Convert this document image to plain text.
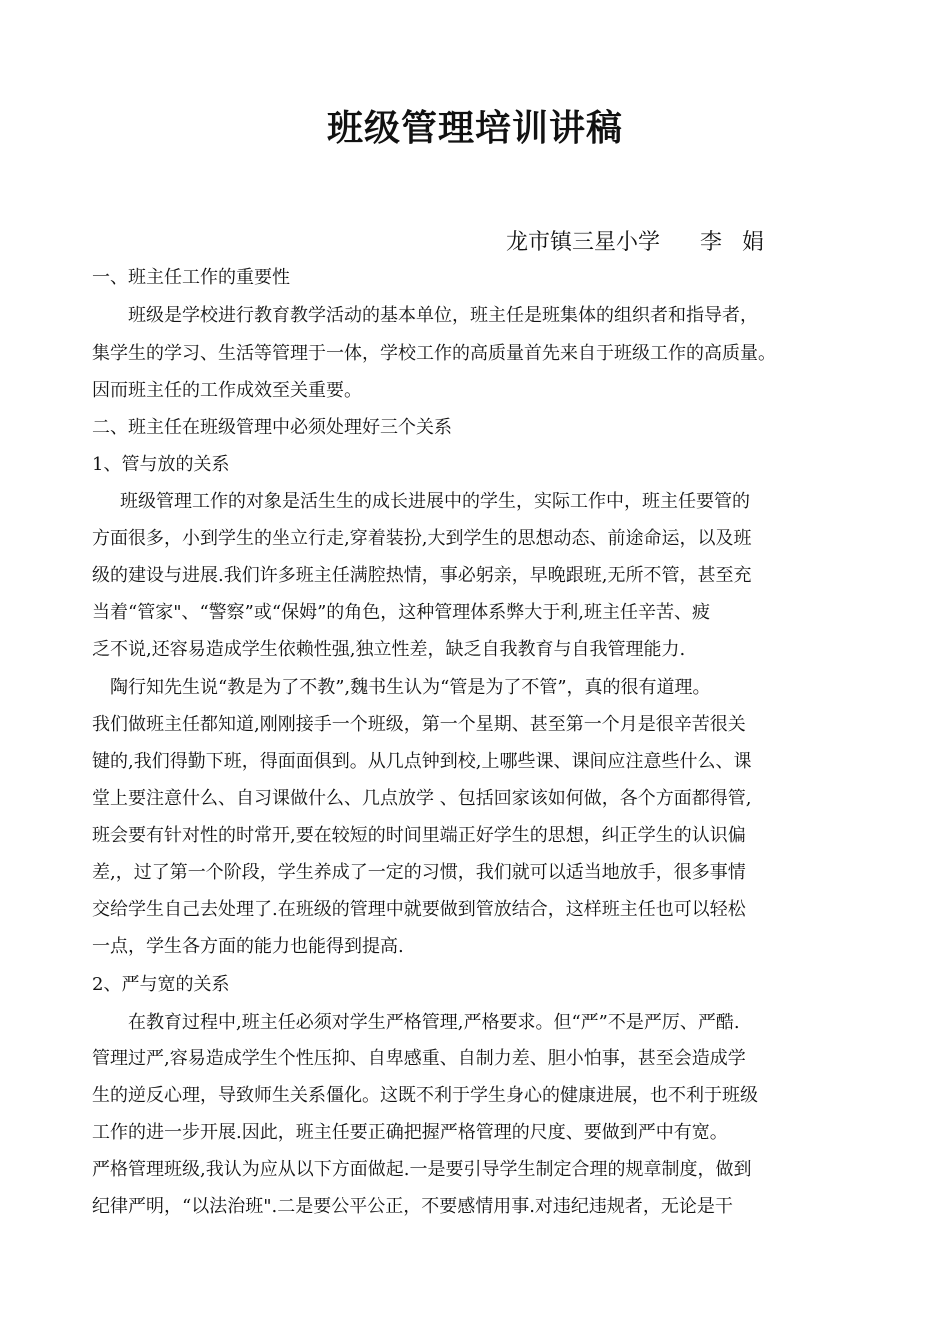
班级管理培训讲稿

龙市镇三星小学 李娟

一、班主任工作的重要性
班级是学校进行教育教学活动的基本单位，班主任是班集体的组织者和指导者，
集学生的学习、生活等管理于一体，学校工作的高质量首先来自于班级工作的高质量。
因而班主任的工作成效至关重要。
二、班主任在班级管理中必须处理好三个关系
1、管与放的关系
班级管理工作的对象是活生生的成长进展中的学生，实际工作中，班主任要管的
方面很多，小到学生的坐立行走,穿着装扮,大到学生的思想动态、前途命运，以及班
级的建设与进展.我们许多班主任满腔热情，事必躬亲，早晚跟班,无所不管，甚至充
当着“管家"、“警察”或“保姆”的角色，这种管理体系弊大于利,班主任辛苦、疲
乏不说,还容易造成学生依赖性强,独立性差，缺乏自我教育与自我管理能力.
陶行知先生说“教是为了不教”,魏书生认为“管是为了不管”，真的很有道理。
我们做班主任都知道,刚刚接手一个班级，第一个星期、甚至第一个月是很辛苦很关
键的,我们得勤下班，得面面俱到。从几点钟到校,上哪些课、课间应注意些什么、课
堂上要注意什么、自习课做什么、几点放学 、包括回家该如何做，各个方面都得管,
班会要有针对性的时常开,要在较短的时间里端正好学生的思想，纠正学生的认识偏
差,，过了第一个阶段，学生养成了一定的习惯，我们就可以适当地放手，很多事情
交给学生自己去处理了.在班级的管理中就要做到管放结合，这样班主任也可以轻松
一点，学生各方面的能力也能得到提高.
2、严与宽的关系
在教育过程中,班主任必须对学生严格管理,严格要求。但“严”不是严厉、严酷.
管理过严,容易造成学生个性压抑、自卑感重、自制力差、胆小怕事，甚至会造成学
生的逆反心理，导致师生关系僵化。这既不利于学生身心的健康进展，也不利于班级
工作的进一步开展.因此，班主任要正确把握严格管理的尺度、要做到严中有宽。
严格管理班级,我认为应从以下方面做起.一是要引导学生制定合理的规章制度，做到
纪律严明，“以法治班".二是要公平公正，不要感情用事.对违纪违规者，无论是干
